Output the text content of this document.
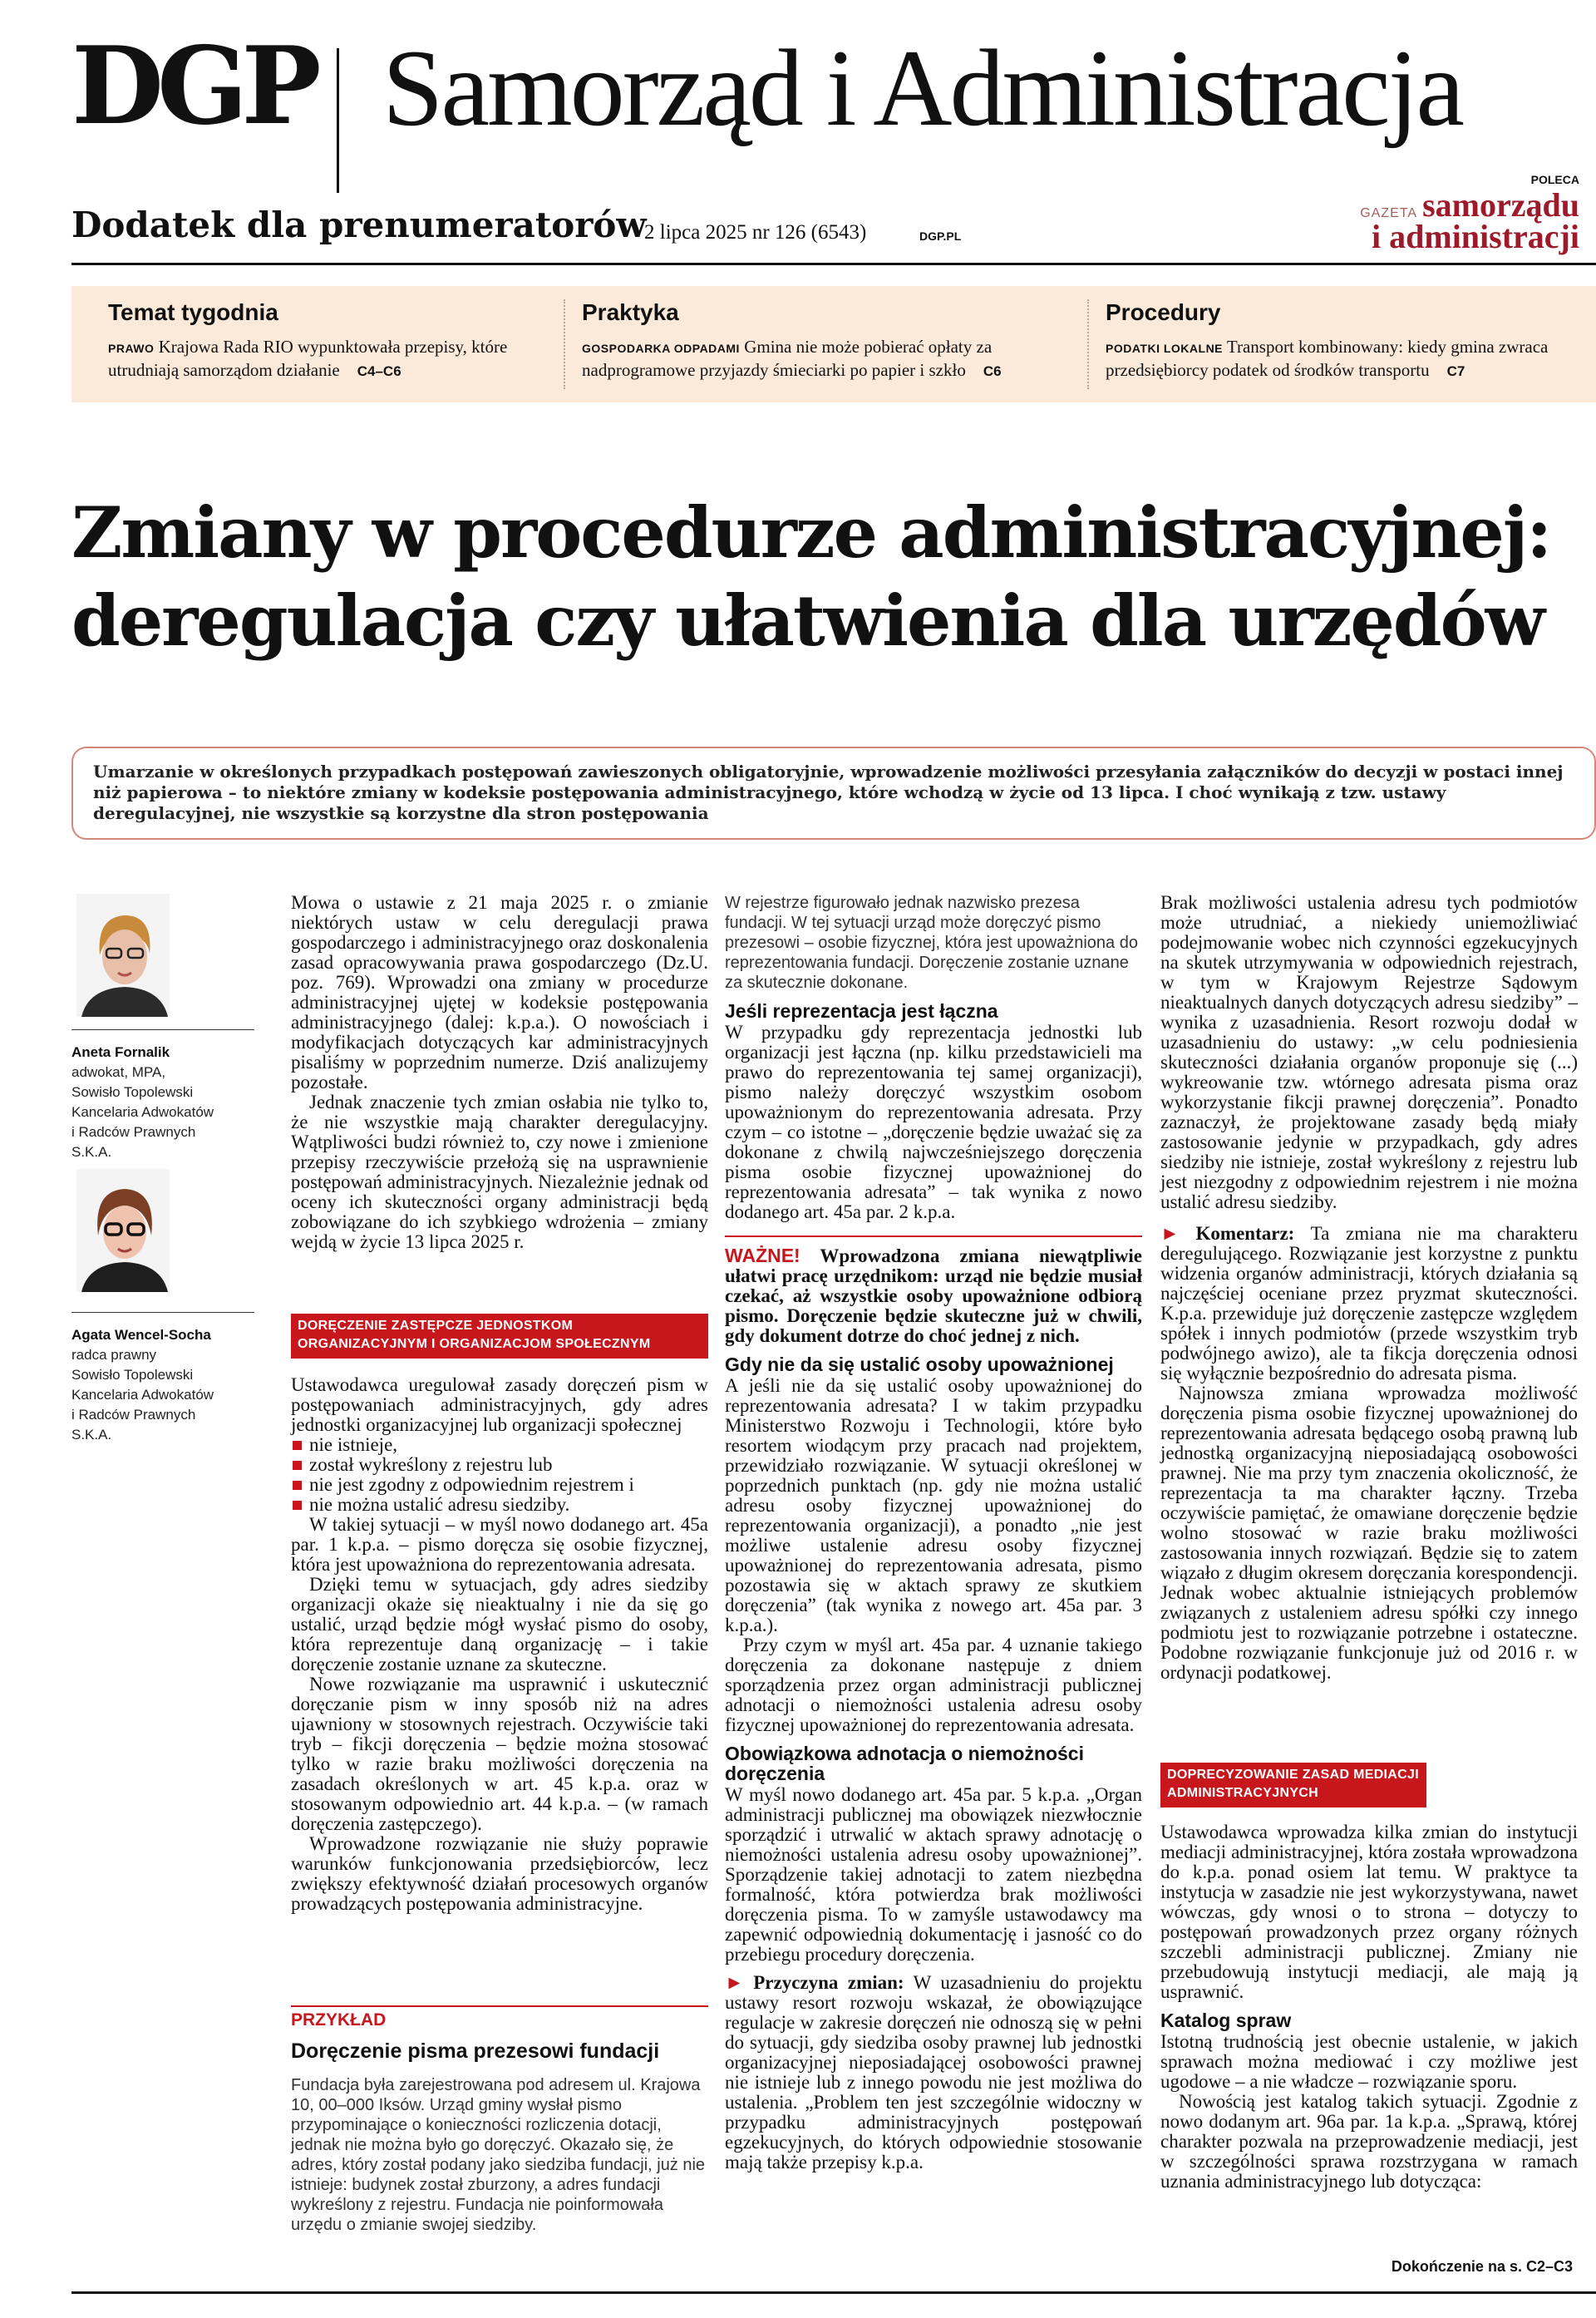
DGP Samorząd i Administracja
Dodatek dla prenumeratorów
2 lipca 2025 nr 126 (6543)	DGP.PL
POLECA
GAZETA samorządu
i administracji
Temat tygodnia

PRAWO Krajowa Rada RIO wypunktowała przepisy, które utrudniają samorządom działanie C4–C6

Praktyka

GOSPODARKA ODPADAMI Gmina nie może pobierać opłaty za nadprogramowe przyjazdy śmieciarki po papier i szkło C6

Procedury

PODATKI LOKALNE Transport kombinowany: kiedy gmina zwraca przedsiębiorcy podatek od środków transportu C7

Zmiany w procedurze administracyjnej:
deregulacja czy ułatwienia dla urzędów
Umarzanie w określonych przypadkach postępowań zawieszonych obligatoryjnie, wprowadzenie możliwości przesyłania załączników do decyzji w postaci innej niż papierowa – to niektóre zmiany w kodeksie postępowania administracyjnego, które wchodzą w życie od 13 lipca. I choć wynikają z tzw. ustawy deregulacyjnej, nie wszystkie są korzystne dla stron postępowania
Aneta Fornalik
adwokat, MPA,
Sowisło Topolewski
Kancelaria Adwokatów
i Radców Prawnych
S.K.A.
Agata Wencel-Socha
radca prawny
Sowisło Topolewski
Kancelaria Adwokatów
i Radców Prawnych
S.K.A.

Mowa o ustawie z 21 maja 2025 r. o zmianie niektórych ustaw w celu deregulacji prawa gospodarczego i administracyjnego oraz doskonalenia zasad opracowywania prawa gospodarczego (Dz.U. poz. 769). Wprowadzi ona zmiany w procedurze administracyjnej ujętej w kodeksie postępowania administracyjnego (dalej: k.p.a.). O nowościach i modyfikacjach dotyczących kar administracyjnych pisaliśmy w poprzednim numerze. Dziś analizujemy pozostałe.

Jednak znaczenie tych zmian osłabia nie tylko to, że nie wszystkie mają charakter deregulacyjny. Wątpliwości budzi również to, czy nowe i zmienione przepisy rzeczywiście przełożą się na usprawnienie postępowań administracyjnych. Niezależnie jednak od oceny ich skuteczności organy administracji będą zobowiązane do ich szybkiego wdrożenia – zmiany wejdą w życie 13 lipca 2025 r.

DORĘCZENIE ZASTĘPCZE JEDNOSTKOM ORGANIZACYJNYM I ORGANIZACJOM SPOŁECZNYM

Ustawodawca uregulował zasady doręczeń pism w postępowaniach administracyjnych, gdy adres jednostki organizacyjnej lub organizacji społecznej

nie istnieje,
został wykreślony z rejestru lub
nie jest zgodny z odpowiednim rejestrem i
nie można ustalić adresu siedziby.

W takiej sytuacji – w myśl nowo dodanego art. 45a par. 1 k.p.a. – pismo doręcza się osobie fizycznej, która jest upoważniona do reprezentowania adresata.

Dzięki temu w sytuacjach, gdy adres siedziby organizacji okaże się nieaktualny i nie da się go ustalić, urząd będzie mógł wysłać pismo do osoby, która reprezentuje daną organizację – i takie doręczenie zostanie uznane za skuteczne.

Nowe rozwiązanie ma usprawnić i uskutecznić doręczanie pism w inny sposób niż na adres ujawniony w stosownych rejestrach. Oczywiście taki tryb – fikcji doręczenia – będzie można stosować tylko w razie braku możliwości doręczenia na zasadach określonych w art. 45 k.p.a. oraz w stosowanym odpowiednio art. 44 k.p.a. – (w ramach doręczenia zastępczego).

Wprowadzone rozwiązanie nie służy poprawie warunków funkcjonowania przedsiębiorców, lecz zwiększy efektywność działań procesowych organów prowadzących postępowania administracyjne.

PRZYKŁAD
Doręczenie pisma prezesowi fundacji
Fundacja była zarejestrowana pod adresem ul. Krajowa 10, 00–000 Iksów. Urząd gminy wysłał pismo przypominające o konieczności rozliczenia dotacji, jednak nie można było go doręczyć. Okazało się, że adres, który został podany jako siedziba fundacji, już nie istnieje: budynek został zburzony, a adres fundacji wykreślony z rejestru. Fundacja nie poinformowała urzędu o zmianie swojej siedziby.
W rejestrze figurowało jednak nazwisko prezesa fundacji. W tej sytuacji urząd może doręczyć pismo prezesowi – osobie fizycznej, która jest upoważniona do reprezentowania fundacji. Doręczenie zostanie uznane za skutecznie dokonane.
Jeśli reprezentacja jest łączna

W przypadku gdy reprezentacja jednostki lub organizacji jest łączna (np. kilku przedstawicieli ma prawo do reprezentowania tej samej organizacji), pismo należy doręczyć wszystkim osobom upoważnionym do reprezentowania adresata. Przy czym – co istotne – „doręczenie będzie uważać się za dokonane z chwilą najwcześniejszego doręczenia pisma osobie fizycznej upoważnionej do reprezentowania adresata” – tak wynika z nowo dodanego art. 45a par. 2 k.p.a.

WAŻNE! Wprowadzona zmiana niewątpliwie ułatwi pracę urzędnikom: urząd nie będzie musiał czekać, aż wszystkie osoby upoważnione odbiorą pismo. Doręczenie będzie skuteczne już w chwili, gdy dokument dotrze do choć jednej z nich.

Gdy nie da się ustalić osoby upoważnionej

A jeśli nie da się ustalić osoby upoważnionej do reprezentowania adresata? I w takim przypadku Ministerstwo Rozwoju i Technologii, które było resortem wiodącym przy pracach nad projektem, przewidziało rozwiązanie. W sytuacji określonej w poprzednich punktach (np. gdy nie można ustalić adresu osoby fizycznej upoważnionej do reprezentowania organizacji), a ponadto „nie jest możliwe ustalenie adresu osoby fizycznej upoważnionej do reprezentowania adresata, pismo pozostawia się w aktach sprawy ze skutkiem doręczenia” (tak wynika z nowego art. 45a par. 3 k.p.a.).

Przy czym w myśl art. 45a par. 4 uznanie takiego doręczenia za dokonane następuje z dniem sporządzenia przez organ administracji publicznej adnotacji o niemożności ustalenia adresu osoby fizycznej upoważnionej do reprezentowania adresata.

Obowiązkowa adnotacja o niemożności doręczenia

W myśl nowo dodanego art. 45a par. 5 k.p.a. „Organ administracji publicznej ma obowiązek niezwłocznie sporządzić i utrwalić w aktach sprawy adnotację o niemożności ustalenia adresu osoby upoważnionej”. Sporządzenie takiej adnotacji to zatem niezbędna formalność, która potwierdza brak możliwości doręczenia pisma. To w zamyśle ustawodawcy ma zapewnić odpowiednią dokumentację i jasność co do przebiegu procedury doręczenia.

► Przyczyna zmian: W uzasadnieniu do projektu ustawy resort rozwoju wskazał, że obowiązujące regulacje w zakresie doręczeń nie odnoszą się w pełni do sytuacji, gdy siedziba osoby prawnej lub jednostki organizacyjnej nieposiadającej osobowości prawnej nie istnieje lub z innego powodu nie jest możliwa do ustalenia. „Problem ten jest szczególnie widoczny w przypadku administracyjnych postępowań egzekucyjnych, do których odpowiednie stosowanie mają także przepisy k.p.a.

Brak możliwości ustalenia adresu tych podmiotów może utrudniać, a niekiedy uniemożliwiać podejmowanie wobec nich czynności egzekucyjnych na skutek utrzymywania w odpowiednich rejestrach, w tym w Krajowym Rejestrze Sądowym nieaktualnych danych dotyczących adresu siedziby” – wynika z uzasadnienia. Resort rozwoju dodał w uzasadnieniu do ustawy: „w celu podniesienia skuteczności działania organów proponuje się (...) wykreowanie tzw. wtórnego adresata pisma oraz wykorzystanie fikcji prawnej doręczenia”. Ponadto zaznaczył, że projektowane zasady będą miały zastosowanie jedynie w przypadkach, gdy adres siedziby nie istnieje, został wykreślony z rejestru lub jest niezgodny z odpowiednim rejestrem i nie można ustalić adresu siedziby.

► Komentarz: Ta zmiana nie ma charakteru deregulującego. Rozwiązanie jest korzystne z punktu widzenia organów administracji, których działania są najczęściej oceniane przez pryzmat skuteczności. K.p.a. przewiduje już doręczenie zastępcze względem spółek i innych podmiotów (przede wszystkim tryb podwójnego awizo), ale ta fikcja doręczenia odnosi się wyłącznie bezpośrednio do adresata pisma.

Najnowsza zmiana wprowadza możliwość doręczenia pisma osobie fizycznej upoważnionej do reprezentowania adresata będącego osobą prawną lub jednostką organizacyjną nieposiadającą osobowości prawnej. Nie ma przy tym znaczenia okoliczność, że reprezentacja ta ma charakter łączny. Trzeba oczywiście pamiętać, że omawiane doręczenie będzie wolno stosować w razie braku możliwości zastosowania innych rozwiązań. Będzie się to zatem wiązało z długim okresem doręczania korespondencji. Jednak wobec aktualnie istniejących problemów związanych z ustaleniem adresu spółki czy innego podmiotu jest to rozwiązanie potrzebne i ostateczne. Podobne rozwiązanie funkcjonuje już od 2016 r. w ordynacji podatkowej.

DOPRECYZOWANIE ZASAD MEDIACJI ADMINISTRACYJNYCH

Ustawodawca wprowadza kilka zmian do instytucji mediacji administracyjnej, która została wprowadzona do k.p.a. ponad osiem lat temu. W praktyce ta instytucja w zasadzie nie jest wykorzystywana, nawet wówczas, gdy wnosi o to strona – dotyczy to postępowań prowadzonych przez organy różnych szczebli administracji publicznej. Zmiany nie przebudowują instytucji mediacji, ale mają ją usprawnić.

Katalog spraw

Istotną trudnością jest obecnie ustalenie, w jakich sprawach można mediować i czy możliwe jest ugodowe – a nie władcze – rozwiązanie sporu.

Nowością jest katalog takich sytuacji. Zgodnie z nowo dodanym art. 96a par. 1a k.p.a. „Sprawą, której charakter pozwala na przeprowadzenie mediacji, jest w szczególności sprawa rozstrzygana w ramach uznania administracyjnego lub dotycząca:

Dokończenie na s. C2–C3
